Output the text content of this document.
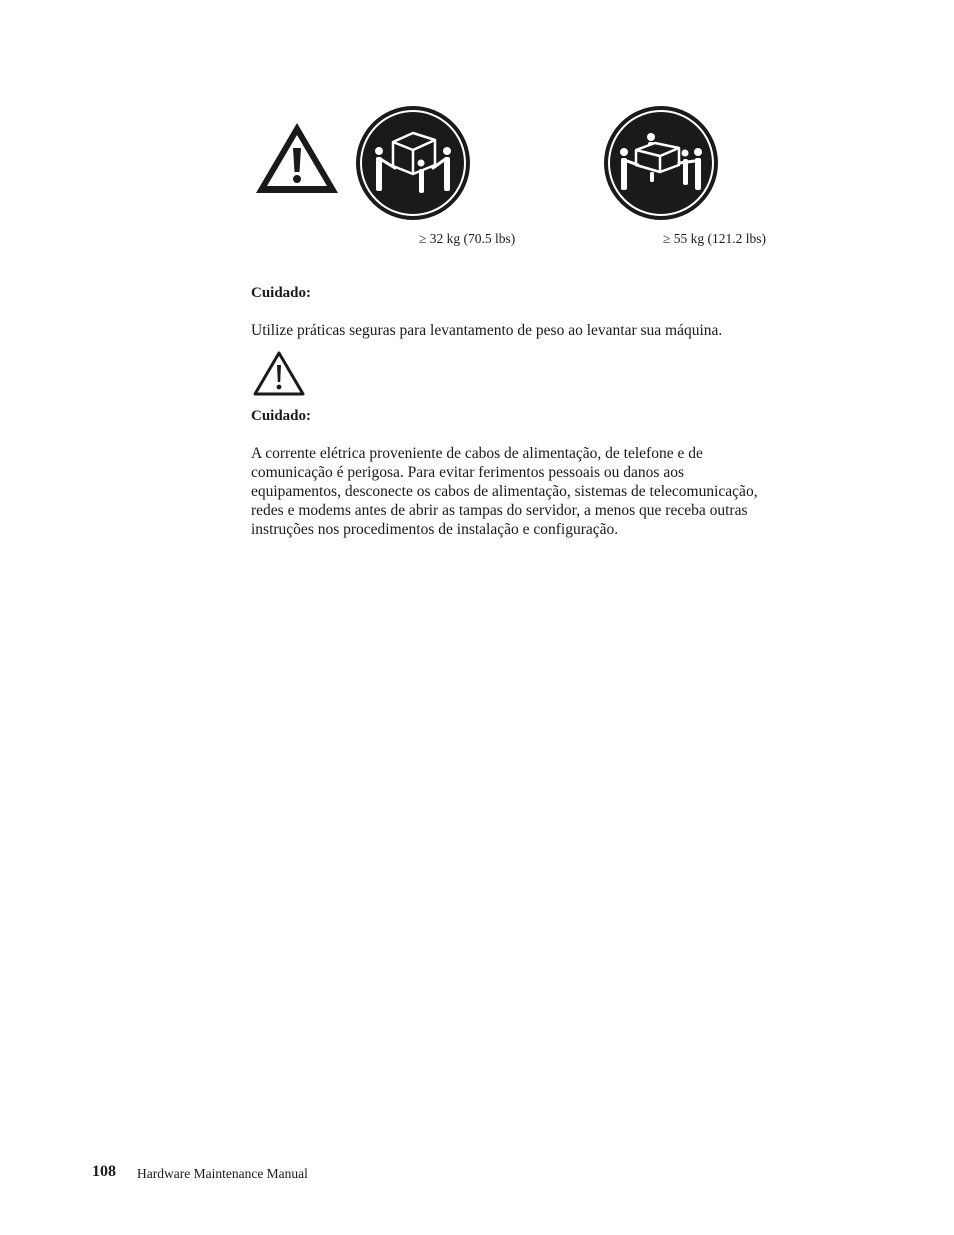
≥ 32 kg (70.5 lbs)	≥ 55 kg (121.2 lbs)
Cuidado:
Utilize práticas seguras para levantamento de peso ao levantar sua máquina.
Cuidado:
A corrente elétrica proveniente de cabos de alimentação, de telefone e de
comunicação é perigosa. Para evitar ferimentos pessoais ou danos aos
equipamentos, desconecte os cabos de alimentação, sistemas de telecomunicação,
redes e modems antes de abrir as tampas do servidor, a menos que receba outras
instruções nos procedimentos de instalação e configuração.
108 Hardware Maintenance Manual
